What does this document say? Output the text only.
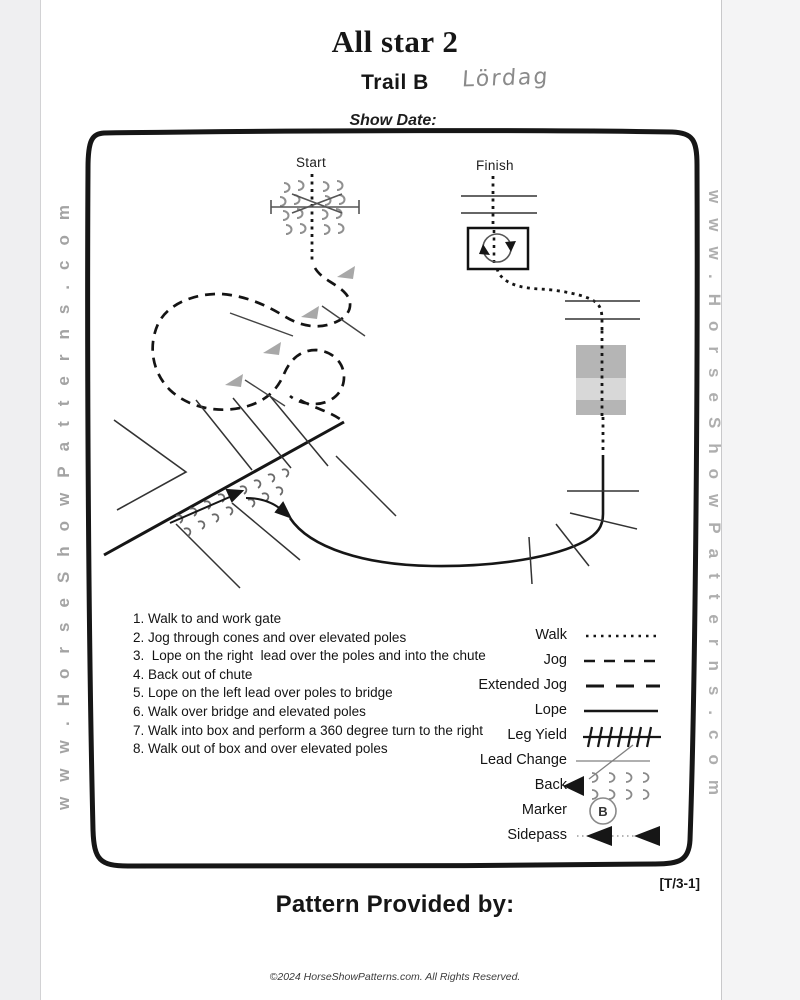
www.HorseShowPatterns.com	www.HorseShowPatterns.com
All star 2
Trail B	Lördag
Show Date:
B
Start	Finish
1. Walk to and work gate
2. Jog through cones and over elevated poles
3.  Lope on the right  lead over the poles and into the chute
4. Back out of chute
5. Lope on the left lead over poles to bridge
6. Walk over bridge and elevated poles
7. Walk into box and perform a 360 degree turn to the right
8. Walk out of box and over elevated poles
Walk
Jog
Extended Jog
Lope
Leg Yield
Lead Change
Back
Marker
Sidepass
[T/3-1]
Pattern Provided by:
©2024 HorseShowPatterns.com. All Rights Reserved.
